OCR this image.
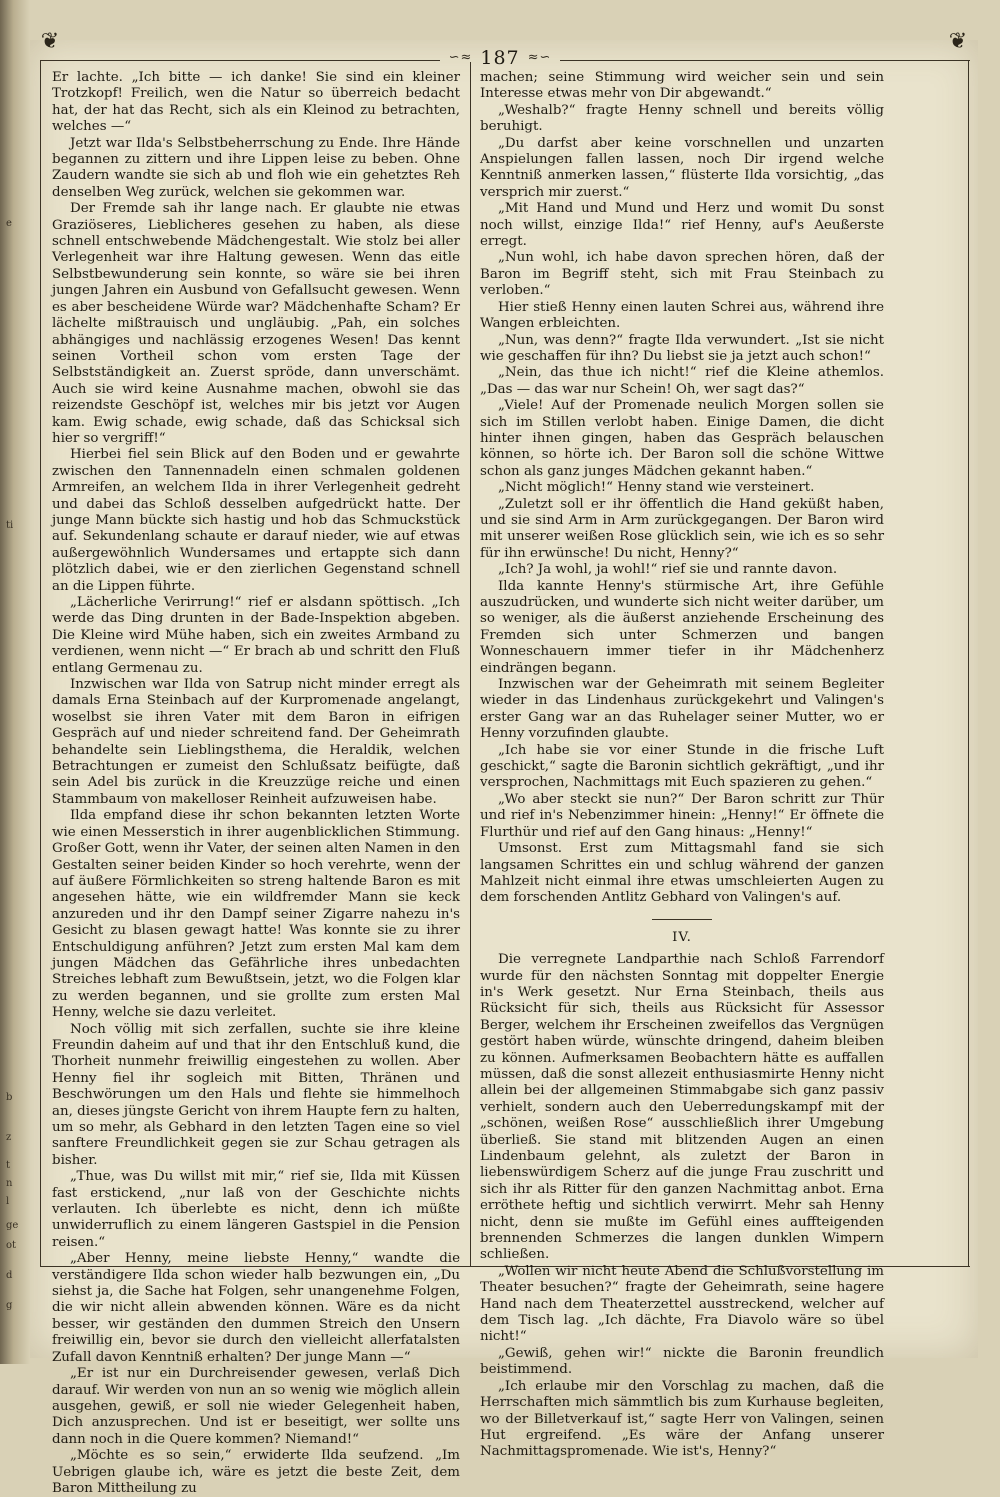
e
ti
b
z
t
n
l
ge
ot
d
g
❦	❦
∽≈ 187 ≈∽

Er lachte. „Ich bitte — ich danke! Sie sind ein kleiner Trotzkopf! Freilich, wen die Natur so überreich bedacht hat, der hat das Recht, sich als ein Kleinod zu betrachten, welches —“

Jetzt war Ilda's Selbstbeherrschung zu Ende. Ihre Hände begannen zu zittern und ihre Lippen leise zu beben. Ohne Zaudern wandte sie sich ab und floh wie ein gehetztes Reh denselben Weg zurück, welchen sie gekommen war.

Der Fremde sah ihr lange nach. Er glaubte nie etwas Graziöseres, Lieblicheres gesehen zu haben, als diese schnell entschwebende Mädchengestalt. Wie stolz bei aller Verlegenheit war ihre Haltung gewesen. Wenn das eitle Selbstbewunderung sein konnte, so wäre sie bei ihren jungen Jahren ein Ausbund von Gefallsucht gewesen. Wenn es aber bescheidene Würde war? Mädchenhafte Scham? Er lächelte mißtrauisch und ungläubig. „Pah, ein solches abhängiges und nachlässig erzogenes Wesen! Das kennt seinen Vortheil schon vom ersten Tage der Selbstständigkeit an. Zuerst spröde, dann unverschämt. Auch sie wird keine Ausnahme machen, obwohl sie das reizendste Geschöpf ist, welches mir bis jetzt vor Augen kam. Ewig schade, ewig schade, daß das Schicksal sich hier so vergriff!“

Hierbei fiel sein Blick auf den Boden und er gewahrte zwischen den Tannennadeln einen schmalen goldenen Armreifen, an welchem Ilda in ihrer Verlegenheit gedreht und dabei das Schloß desselben aufgedrückt hatte. Der junge Mann bückte sich hastig und hob das Schmuckstück auf. Sekundenlang schaute er darauf nieder, wie auf etwas außergewöhnlich Wundersames und ertappte sich dann plötzlich dabei, wie er den zierlichen Gegenstand schnell an die Lippen führte.

„Lächerliche Verirrung!“ rief er alsdann spöttisch. „Ich werde das Ding drunten in der Bade-Inspektion abgeben. Die Kleine wird Mühe haben, sich ein zweites Armband zu verdienen, wenn nicht —“ Er brach ab und schritt den Fluß entlang Germenau zu.

Inzwischen war Ilda von Satrup nicht minder erregt als damals Erna Steinbach auf der Kurpromenade angelangt, woselbst sie ihren Vater mit dem Baron in eifrigen Gespräch auf und nieder schreitend fand. Der Geheimrath behandelte sein Lieblingsthema, die Heraldik, welchen Betrachtungen er zumeist den Schlußsatz beifügte, daß sein Adel bis zurück in die Kreuzzüge reiche und einen Stammbaum von makelloser Reinheit aufzuweisen habe.

Ilda empfand diese ihr schon bekannten letzten Worte wie einen Messerstich in ihrer augenblicklichen Stimmung. Großer Gott, wenn ihr Vater, der seinen alten Namen in den Gestalten seiner beiden Kinder so hoch verehrte, wenn der auf äußere Förmlichkeiten so streng haltende Baron es mit angesehen hätte, wie ein wildfremder Mann sie keck anzureden und ihr den Dampf seiner Zigarre nahezu in's Gesicht zu blasen gewagt hatte! Was konnte sie zu ihrer Entschuldigung anführen? Jetzt zum ersten Mal kam dem jungen Mädchen das Gefährliche ihres unbedachten Streiches lebhaft zum Bewußtsein, jetzt, wo die Folgen klar zu werden begannen, und sie grollte zum ersten Mal Henny, welche sie dazu verleitet.

Noch völlig mit sich zerfallen, suchte sie ihre kleine Freundin daheim auf und that ihr den Entschluß kund, die Thorheit nunmehr freiwillig eingestehen zu wollen. Aber Henny fiel ihr sogleich mit Bitten, Thränen und Beschwörungen um den Hals und flehte sie himmelhoch an, dieses jüngste Gericht von ihrem Haupte fern zu halten, um so mehr, als Gebhard in den letzten Tagen eine so viel sanftere Freundlichkeit gegen sie zur Schau getragen als bisher.

„Thue, was Du willst mit mir,“ rief sie, Ilda mit Küssen fast erstickend, „nur laß von der Geschichte nichts verlauten. Ich überlebte es nicht, denn ich müßte unwiderruflich zu einem längeren Gastspiel in die Pension reisen.“

„Aber Henny, meine liebste Henny,“ wandte die verständigere Ilda schon wieder halb bezwungen ein, „Du siehst ja, die Sache hat Folgen, sehr unangenehme Folgen, die wir nicht allein abwenden können. Wäre es da nicht besser, wir geständen den dummen Streich den Unsern freiwillig ein, bevor sie durch den vielleicht allerfatalsten Zufall davon Kenntniß erhalten? Der junge Mann —“

„Er ist nur ein Durchreisender gewesen, verlaß Dich darauf. Wir werden von nun an so wenig wie möglich allein ausgehen, gewiß, er soll nie wieder Gelegenheit haben, Dich anzusprechen. Und ist er beseitigt, wer sollte uns dann noch in die Quere kommen? Niemand!“

„Möchte es so sein,“ erwiderte Ilda seufzend. „Im Uebrigen glaube ich, wäre es jetzt die beste Zeit, dem Baron Mittheilung zu

machen; seine Stimmung wird weicher sein und sein Interesse etwas mehr von Dir abgewandt.“

„Weshalb?“ fragte Henny schnell und bereits völlig beruhigt.

„Du darfst aber keine vorschnellen und unzarten Anspielungen fallen lassen, noch Dir irgend welche Kenntniß anmerken lassen,“ flüsterte Ilda vorsichtig, „das versprich mir zuerst.“

„Mit Hand und Mund und Herz und womit Du sonst noch willst, einzige Ilda!“ rief Henny, auf's Aeußerste erregt.

„Nun wohl, ich habe davon sprechen hören, daß der Baron im Begriff steht, sich mit Frau Steinbach zu verloben.“

Hier stieß Henny einen lauten Schrei aus, während ihre Wangen erbleichten.

„Nun, was denn?“ fragte Ilda verwundert. „Ist sie nicht wie geschaffen für ihn? Du liebst sie ja jetzt auch schon!“

„Nein, das thue ich nicht!“ rief die Kleine athemlos. „Das — das war nur Schein! Oh, wer sagt das?“

„Viele! Auf der Promenade neulich Morgen sollen sie sich im Stillen verlobt haben. Einige Damen, die dicht hinter ihnen gingen, haben das Gespräch belauschen können, so hörte ich. Der Baron soll die schöne Wittwe schon als ganz junges Mädchen gekannt haben.“

„Nicht möglich!“ Henny stand wie versteinert.

„Zuletzt soll er ihr öffentlich die Hand geküßt haben, und sie sind Arm in Arm zurückgegangen. Der Baron wird mit unserer weißen Rose glücklich sein, wie ich es so sehr für ihn erwünsche! Du nicht, Henny?“

„Ich? Ja wohl, ja wohl!“ rief sie und rannte davon.

Ilda kannte Henny's stürmische Art, ihre Gefühle auszudrücken, und wunderte sich nicht weiter darüber, um so weniger, als die äußerst anziehende Erscheinung des Fremden sich unter Schmerzen und bangen Wonneschauern immer tiefer in ihr Mädchenherz eindrängen begann.

Inzwischen war der Geheimrath mit seinem Begleiter wieder in das Lindenhaus zurückgekehrt und Valingen's erster Gang war an das Ruhelager seiner Mutter, wo er Henny vorzufinden glaubte.

„Ich habe sie vor einer Stunde in die frische Luft geschickt,“ sagte die Baronin sichtlich gekräftigt, „und ihr versprochen, Nachmittags mit Euch spazieren zu gehen.“

„Wo aber steckt sie nun?“ Der Baron schritt zur Thür und rief in's Nebenzimmer hinein: „Henny!“ Er öffnete die Flurthür und rief auf den Gang hinaus: „Henny!“

Umsonst. Erst zum Mittagsmahl fand sie sich langsamen Schrittes ein und schlug während der ganzen Mahlzeit nicht einmal ihre etwas umschleierten Augen zu dem forschenden Antlitz Gebhard von Valingen's auf.

IV.

Die verregnete Landparthie nach Schloß Farrendorf wurde für den nächsten Sonntag mit doppelter Energie in's Werk gesetzt. Nur Erna Steinbach, theils aus Rücksicht für sich, theils aus Rücksicht für Assessor Berger, welchem ihr Erscheinen zweifellos das Vergnügen gestört haben würde, wünschte dringend, daheim bleiben zu können. Aufmerksamen Beobachtern hätte es auffallen müssen, daß die sonst allezeit enthusiasmirte Henny nicht allein bei der allgemeinen Stimmabgabe sich ganz passiv verhielt, sondern auch den Ueberredungskampf mit der „schönen, weißen Rose“ ausschließlich ihrer Umgebung überließ. Sie stand mit blitzenden Augen an einen Lindenbaum gelehnt, als zuletzt der Baron in liebenswürdigem Scherz auf die junge Frau zuschritt und sich ihr als Ritter für den ganzen Nachmittag anbot. Erna erröthete heftig und sichtlich verwirrt. Mehr sah Henny nicht, denn sie mußte im Gefühl eines auffteigenden brennenden Schmerzes die langen dunklen Wimpern schließen.

„Wollen wir nicht heute Abend die Schlußvorstellung im Theater besuchen?“ fragte der Geheimrath, seine hagere Hand nach dem Theaterzettel ausstreckend, welcher auf dem Tisch lag. „Ich dächte, Fra Diavolo wäre so übel nicht!“

„Gewiß, gehen wir!“ nickte die Baronin freundlich beistimmend.

„Ich erlaube mir den Vorschlag zu machen, daß die Herrschaften mich sämmtlich bis zum Kurhause begleiten, wo der Billetverkauf ist,“ sagte Herr von Valingen, seinen Hut ergreifend. „Es wäre der Anfang unserer Nachmittagspromenade. Wie ist's, Henny?“
